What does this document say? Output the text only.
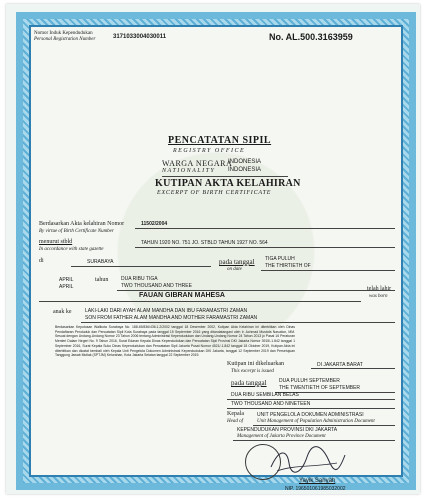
Nomor Induk Kependudukan
Personal Registration Number	3171033004030011	No. AL.500.3163959
PENCATATAN SIPIL
REGISTRY OFFICE
WARGA NEGARA
NATIONALITY
INDONESIA
INDONESIA
KUTIPAN AKTA KELAHIRAN
EXCERPT OF BIRTH CERTIFICATE
Berdasarkan Akta kelahiran Nomor	11502/2004
By virtue of Birth Certificate Number
menurut stbld	TAHUN 1920 NO. 751 JO. STBLD TAHUN 1927 NO. 564
In accordance with state gazette
di	SURABAYA	pada tanggal
on date
TIGA PULUH
THE THIRTIETH OF
APRIL
APRIL
tahun	DUA RIBU TIGA
TWO THOUSAND AND THREE
FAUAN GIBRAN MAHESA
telah lahir
was born
anak ke	LAKI-LAKI DARI AYAH ALAM MANDHA DAN IBU FARAMASTRI ZAMAN
SON FROM FATHER ALAM MANDHA AND MOTHER FARAMASTRI ZAMAN
Berdasarkan Keputusan Walikota Surabaya No. 188.45/836/436.1.2/2002 tanggal 18 Desember 2002, Kutipan Akta Kelahiran ini diterbitkan oleh Dinas Pendaftaran Penduduk dan Pencatatan Sipil Kota Surabaya pada tanggal 15 September 2016 yang ditandatangani oleh Ir. Achmad Mustofa Nasution, MM. Sesuai dengan Undang-Undang Nomor 23 Tahun 2006 tentang Administrasi Kependudukan dan Undang-Undang Nomor 24 Tahun 2013 jo Pasal 16 Peraturan Menteri Dalam Negeri No. 9 Tahun 2016, Surat Edaran Kepala Dinas Kependudukan dan Pencatatan Sipil Provinsi DKI Jakarta Nomor 3915/-1.842 tanggal 1 September 2016, Surat Kepala Suku Dinas Kependudukan dan Pencatatan Sipil Jakarta Pusat Nomor 4521/-1.842 tanggal 18 Oktober 2019, Kutipan Akta ini diterbitkan dan dicatat kembali oleh Kepala Unit Pengelola Dokumen Administrasi Kependudukan DKI Jakarta, tanggal 12 September 2019 dan Persetujuan Tanggung Jawab Mutlak (SPTJM) Kelurahan, Kota Jakarta Selatan tanggal 22 September 2019.
Kutipan ini dikeluarkan	DI JAKARTA BARAT
This excerpt is issued
pada tanggal DUA PULUH SEPTEMBER
THE TWENTIETH OF SEPTEMBER
DUA RIBU SEMBILAN BELAS
TWO THOUSAND AND NINETEEN
Kepala	UNIT PENGELOLA DOKUMEN ADMINISTRASI
Head of	Unit Management of Population Administration Document
KEPENDUDUKAN PROVINSI DKI JAKARTA
Management of Jakarta Province Document
Yayik Sariyah
NIP. 196501061985032002
